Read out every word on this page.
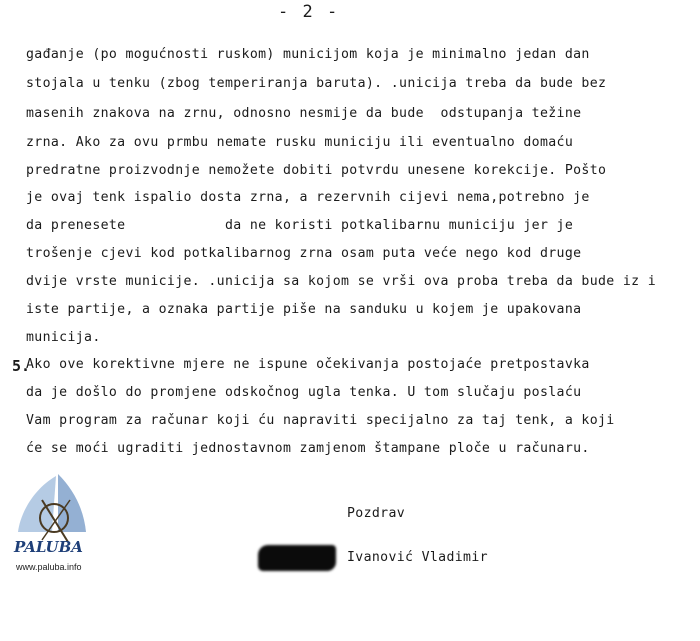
- 2 -
gađanje (po mogućnosti ruskom) municijom koja je minimalno jedan dan
stojala u tenku (zbog temperiranja baruta). .unicija treba da bude bez
masenih znakova na zrnu, odnosno nesmije da bude  odstupanja težine
zrna. Ako za ovu prmbu nemate rusku municiju ili eventualno domaću
predratne proizvodnje nemožete dobiti potvrdu unesene korekcije. Pošto
je ovaj tenk ispalio dosta zrna, a rezervnih cijevi nema,potrebno je
da prenesete            da ne koristi potkalibarnu municiju jer je
trošenje cjevi kod potkalibarnog zrna osam puta veće nego kod druge
dvije vrste municije. .unicija sa kojom se vrši ova proba treba da bude iz i
iste partije, a oznaka partije piše na sanduku u kojem je upakovana
municija.
5.
Ako ove korektivne mjere ne ispune očekivanja postojaće pretpostavka
da je došlo do promjene odskočnog ugla tenka. U tom slučaju poslaću
Vam program za računar koji ću napraviti specijalno za taj tenk, a koji
će se moći ugraditi jednostavnom zamjenom štampane ploče u računaru.
Pozdrav
Ivanović Vladimir
PALUBA
www.paluba.info
